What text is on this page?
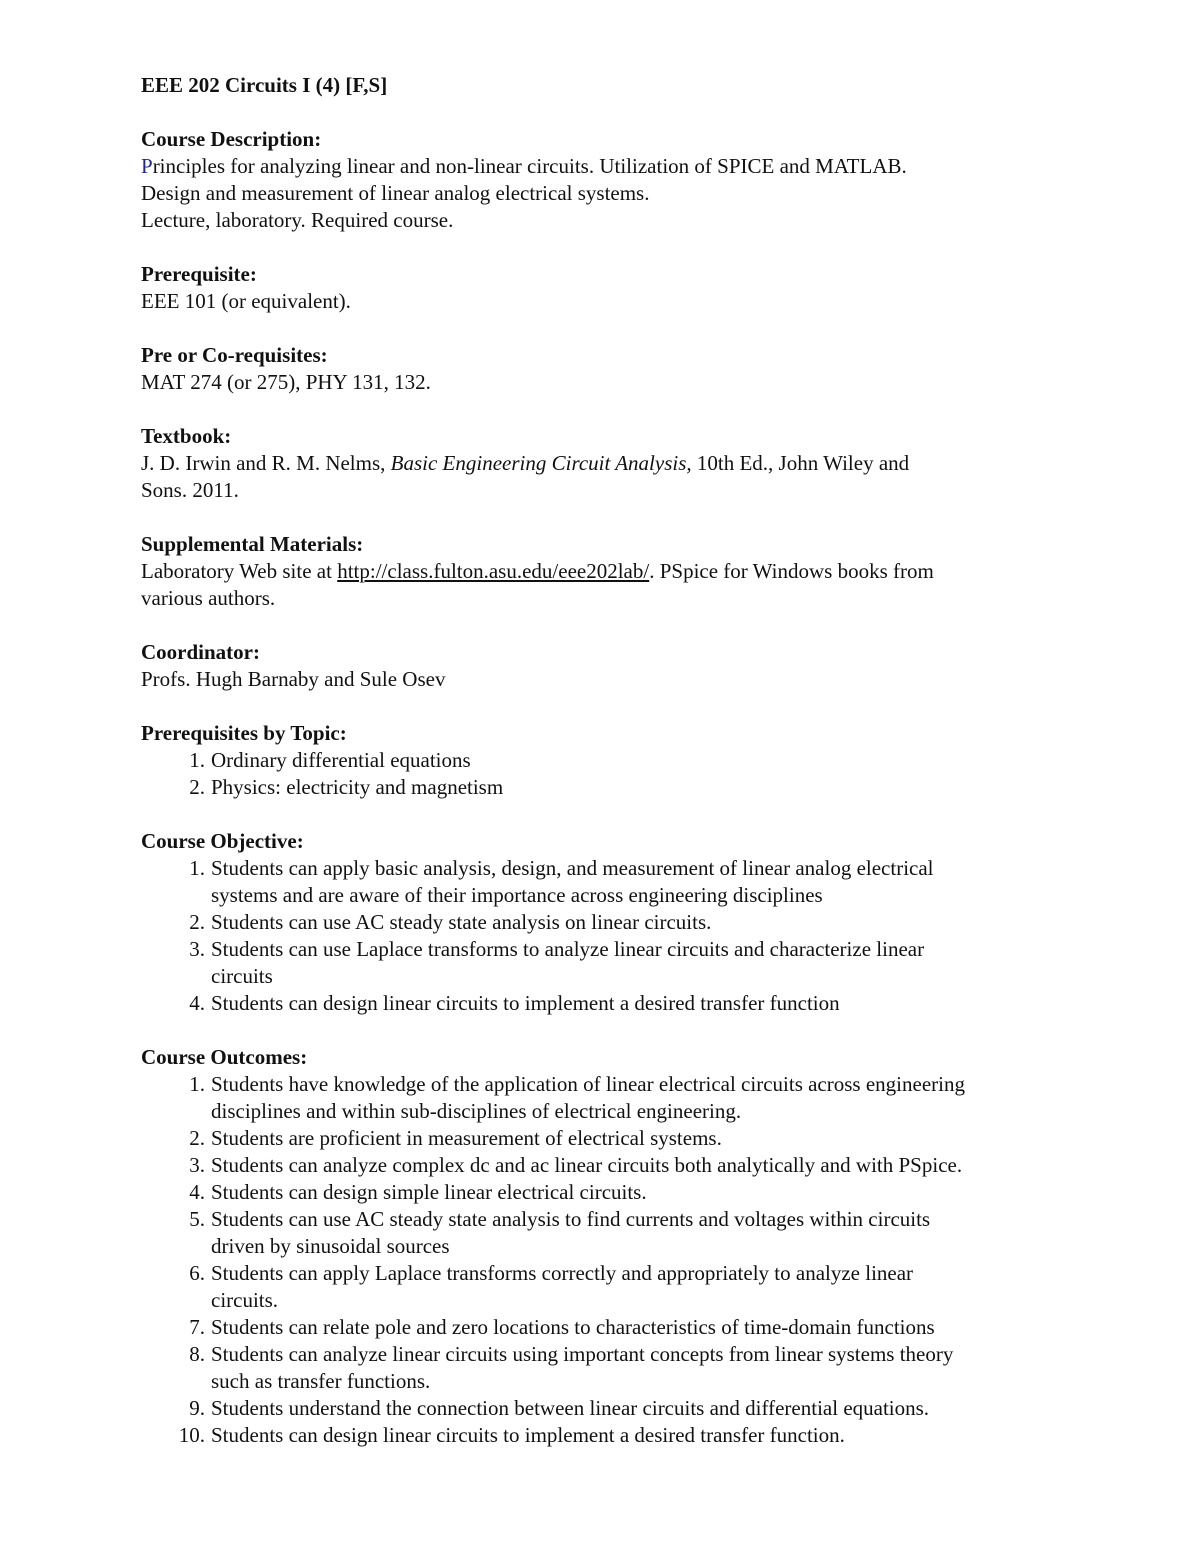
EEE 202 Circuits I (4) [F,S]

Course Description:

Principles for analyzing linear and non-linear circuits. Utilization of SPICE and MATLAB.

Design and measurement of linear analog electrical systems.

Lecture, laboratory. Required course.

Prerequisite:

EEE 101 (or equivalent).

Pre or Co-requisites:

MAT 274 (or 275), PHY 131, 132.

Textbook:

J. D. Irwin and R. M. Nelms, Basic Engineering Circuit Analysis, 10th Ed., John Wiley and

Sons. 2011.

Supplemental Materials:

Laboratory Web site at http://class.fulton.asu.edu/eee202lab/. PSpice for Windows books from

various authors.

Coordinator:

Profs. Hugh Barnaby and Sule Osev

Prerequisites by Topic:

1. Ordinary differential equations
2. Physics: electricity and magnetism

Course Objective:

1. Students can apply basic analysis, design, and measurement of linear analog electrical
systems and are aware of their importance across engineering disciplines
2. Students can use AC steady state analysis on linear circuits.
3. Students can use Laplace transforms to analyze linear circuits and characterize linear
circuits
4. Students can design linear circuits to implement a desired transfer function

Course Outcomes:

1. Students have knowledge of the application of linear electrical circuits across engineering
disciplines and within sub-disciplines of electrical engineering.
2. Students are proficient in measurement of electrical systems.
3. Students can analyze complex dc and ac linear circuits both analytically and with PSpice.
4. Students can design simple linear electrical circuits.
5. Students can use AC steady state analysis to find currents and voltages within circuits
driven by sinusoidal sources
6. Students can apply Laplace transforms correctly and appropriately to analyze linear
circuits.
7. Students can relate pole and zero locations to characteristics of time-domain functions
8. Students can analyze linear circuits using important concepts from linear systems theory
such as transfer functions.
9. Students understand the connection between linear circuits and differential equations.
10. Students can design linear circuits to implement a desired transfer function.
